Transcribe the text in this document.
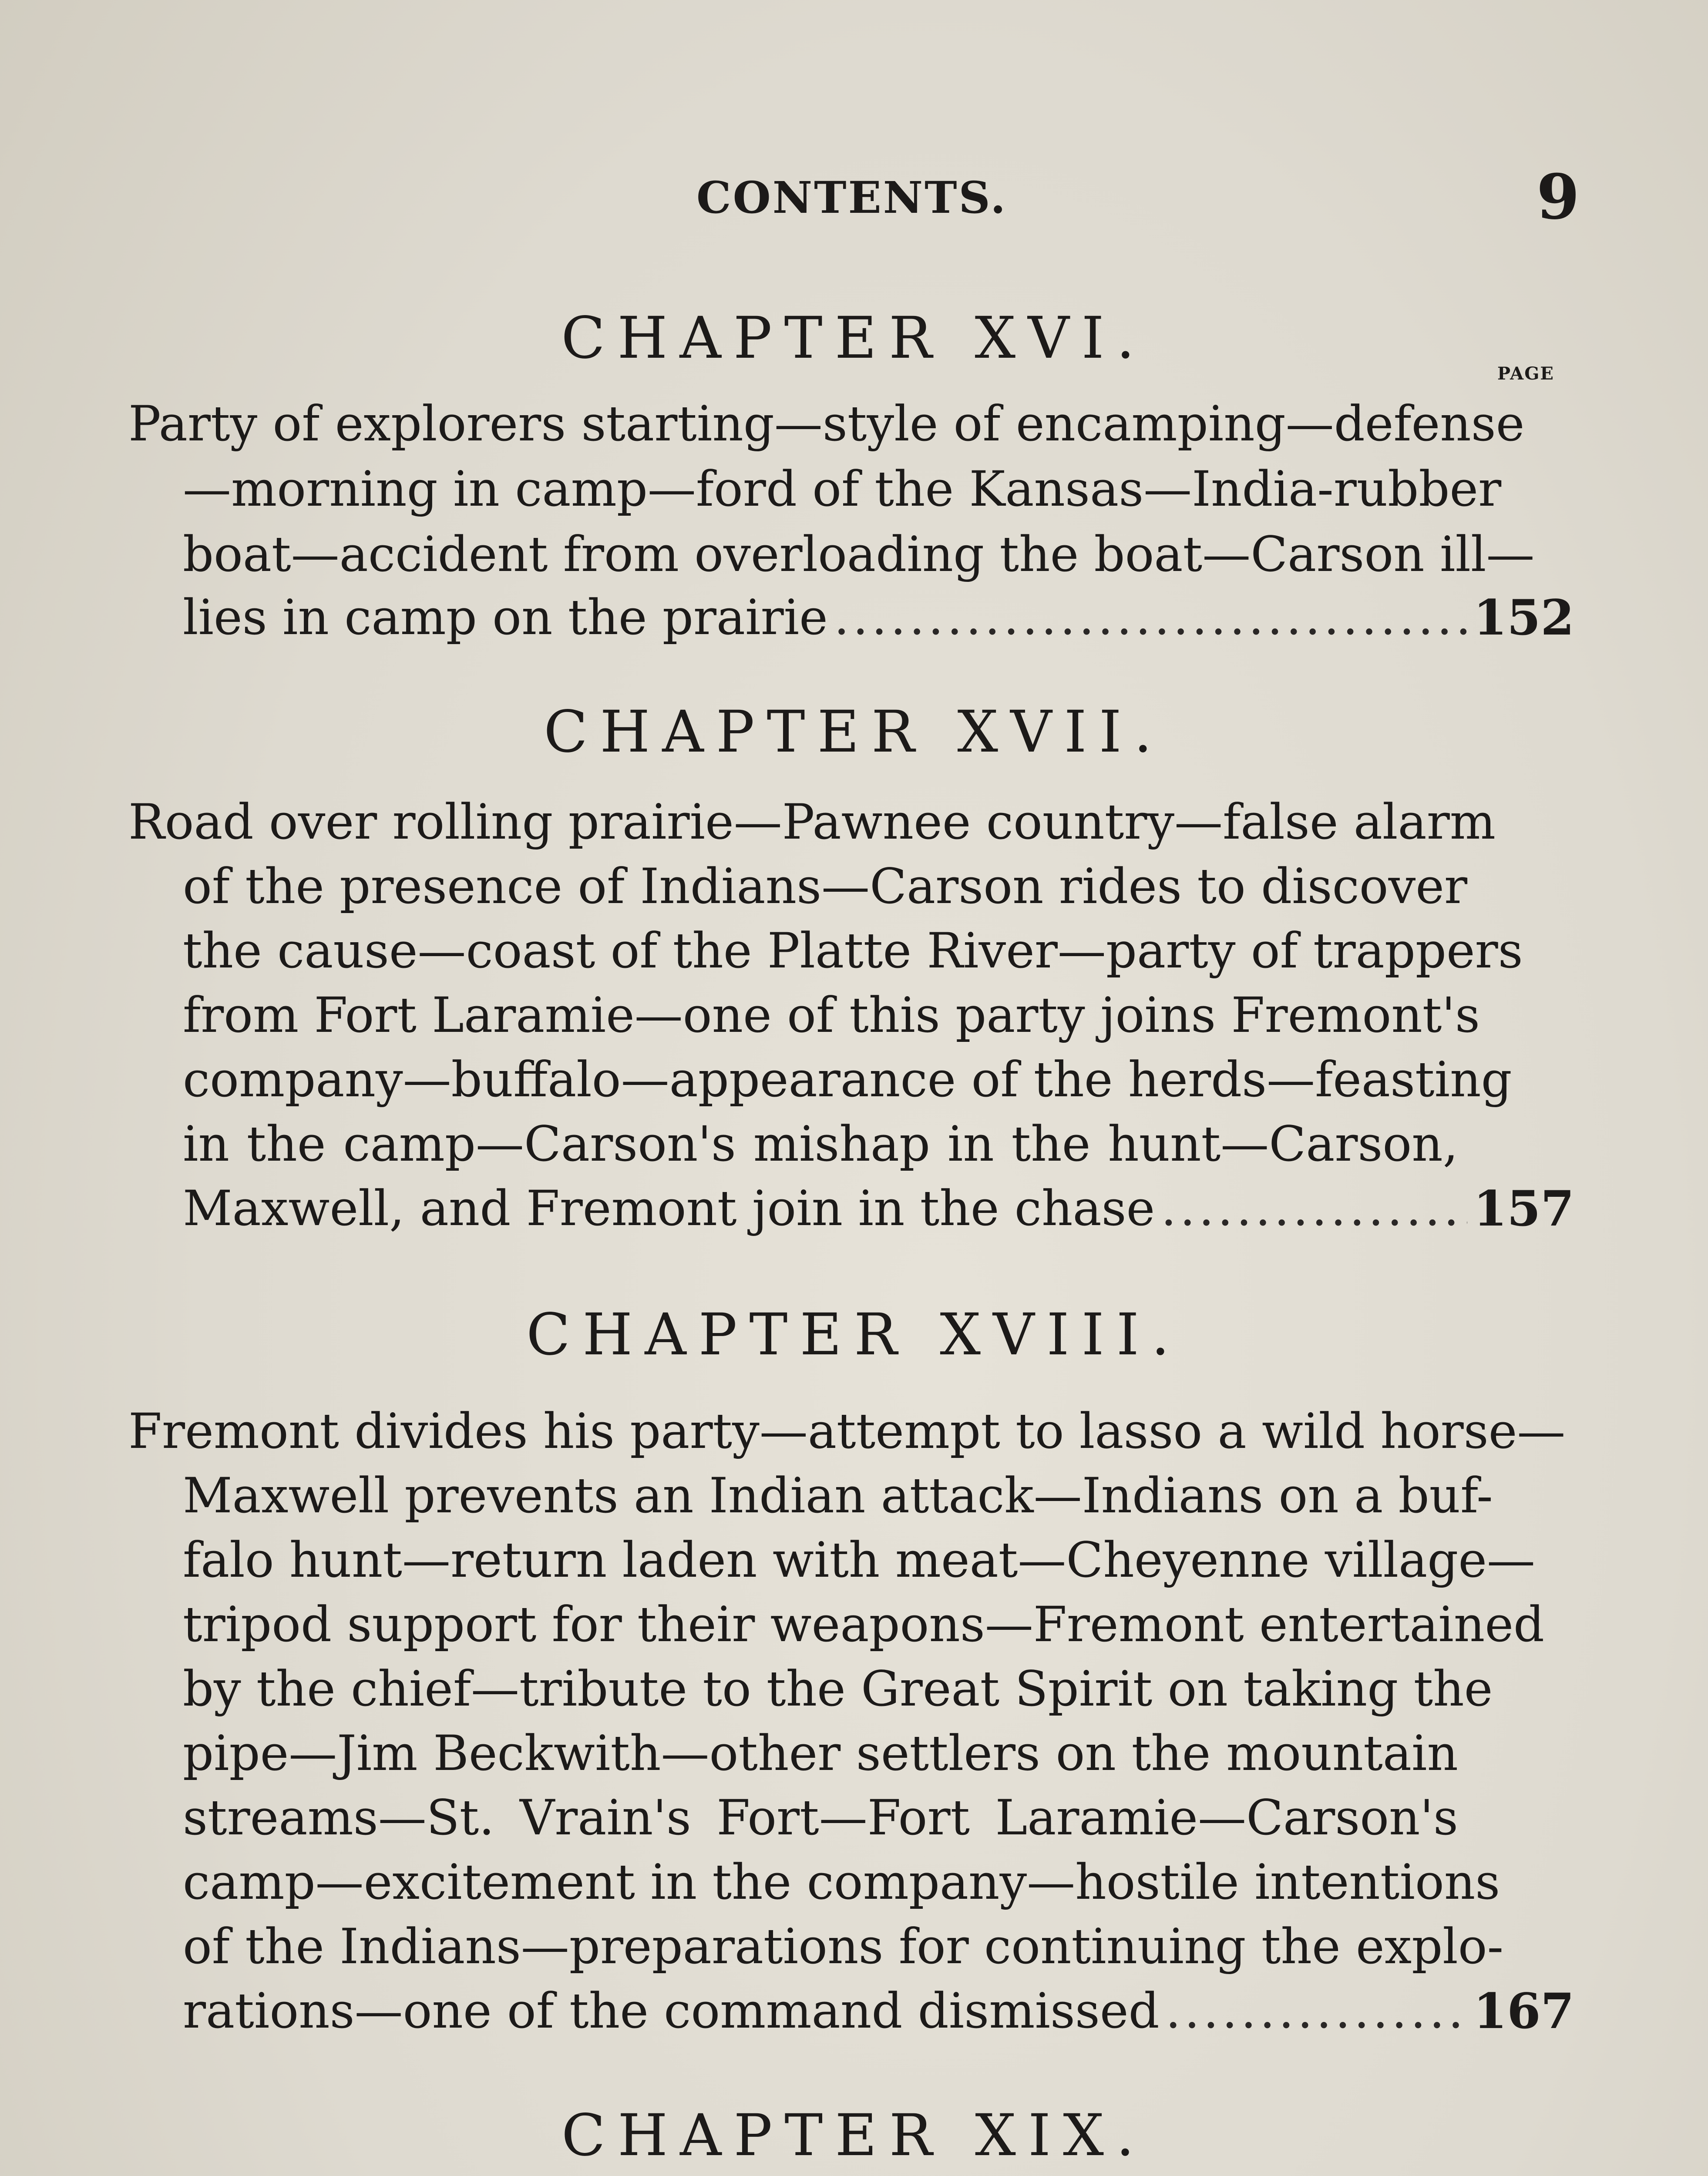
CONTENTS.	9
PAGE
CHAPTER XVI.
Party of explorers starting—style of encamping—defense
—morning in camp—ford of the Kansas—India-rubber
boat—accident from overloading the boat—Carson ill—
lies in camp on the prairie .....	152
CHAPTER XVII.
Road over rolling prairie—Pawnee country—false alarm
of the presence of Indians—Carson rides to discover
the cause—coast of the Platte River—party of trappers
from Fort Laramie—one of this party joins Fremont's
company—buffalo—appearance of the herds—feasting
in the camp—Carson's mishap in the hunt—Carson,
Maxwell, and Fremont join in the chase .....	157
CHAPTER XVIII.
Fremont divides his party—attempt to lasso a wild horse—
Maxwell prevents an Indian attack—Indians on a buf-
falo hunt—return laden with meat—Cheyenne village—
tripod support for their weapons—Fremont entertained
by the chief—tribute to the Great Spirit on taking the
pipe—Jim Beckwith—other settlers on the mountain
streams—St. Vrain's Fort—Fort Laramie—Carson's
camp—excitement in the company—hostile intentions
of the Indians—preparations for continuing the explo-
rations—one of the command dismissed .....	167
CHAPTER XIX.
